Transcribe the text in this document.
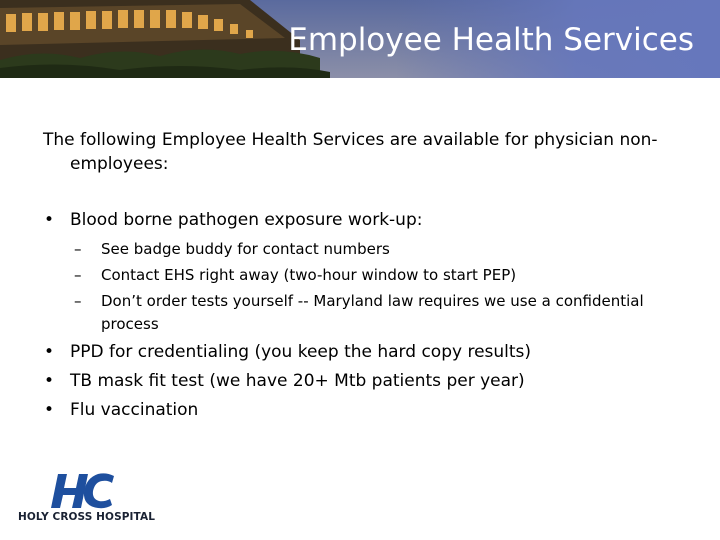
Employee Health Services
The following Employee Health Services are available for physician non-
employees:
• Blood borne pathogen exposure work-up:
– See badge buddy for contact numbers
– Contact EHS right away (two-hour window to start PEP)
– Don’t order tests yourself -- Maryland law requires we use a confidential
process
• PPD for credentialing (you keep the hard copy results)
• TB mask fit test (we have 20+ Mtb patients per year)
• Flu vaccination
HOLY CROSS HOSPITAL
